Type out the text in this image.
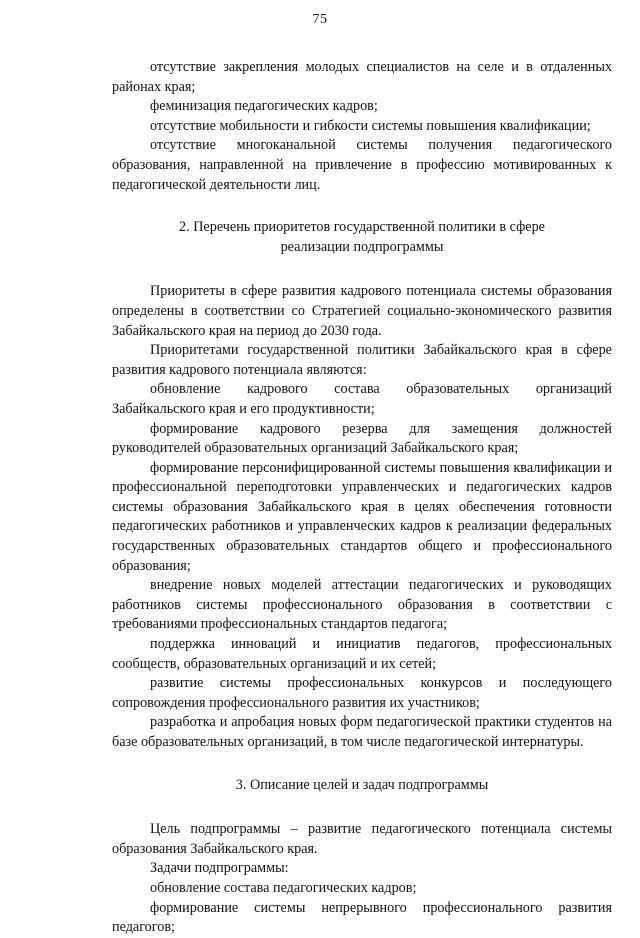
75

отсутствие закрепления молодых специалистов на селе и в отдаленных районах края;

феминизация педагогических кадров;

отсутствие мобильности и гибкости системы повышения квалификации;

отсутствие многоканальной системы получения педагогического образования, направленной на привлечение в профессию мотивированных к педагогической деятельности лиц.

2. Перечень приоритетов государственной политики в сфере

реализации подпрограммы

Приоритеты в сфере развития кадрового потенциала системы образования определены в соответствии со Стратегией социально-экономического развития Забайкальского края на период до 2030 года.

Приоритетами государственной политики Забайкальского края в сфере развития кадрового потенциала являются:

обновление кадрового состава образовательных организаций Забайкальского края и его продуктивности;

формирование кадрового резерва для замещения должностей руководителей образовательных организаций Забайкальского края;

формирование персонифицированной системы повышения квалификации и профессиональной переподготовки управленческих и педагогических кадров системы образования Забайкальского края в целях обеспечения готовности педагогических работников и управленческих кадров к реализации федеральных государственных образовательных стандартов общего и профессионального образования;

внедрение новых моделей аттестации педагогических и руководящих работников системы профессионального образования в соответствии с требованиями профессиональных стандартов педагога;

поддержка инноваций и инициатив педагогов, профессиональных сообществ, образовательных организаций и их сетей;

развитие системы профессиональных конкурсов и последующего сопровождения профессионального развития их участников;

разработка и апробация новых форм педагогической практики студентов на базе образовательных организаций, в том числе педагогической интернатуры.

3. Описание целей и задач подпрограммы

Цель подпрограммы – развитие педагогического потенциала системы образования Забайкальского края.

Задачи подпрограммы:

обновление состава педагогических кадров;

формирование системы непрерывного профессионального развития педагогов;
